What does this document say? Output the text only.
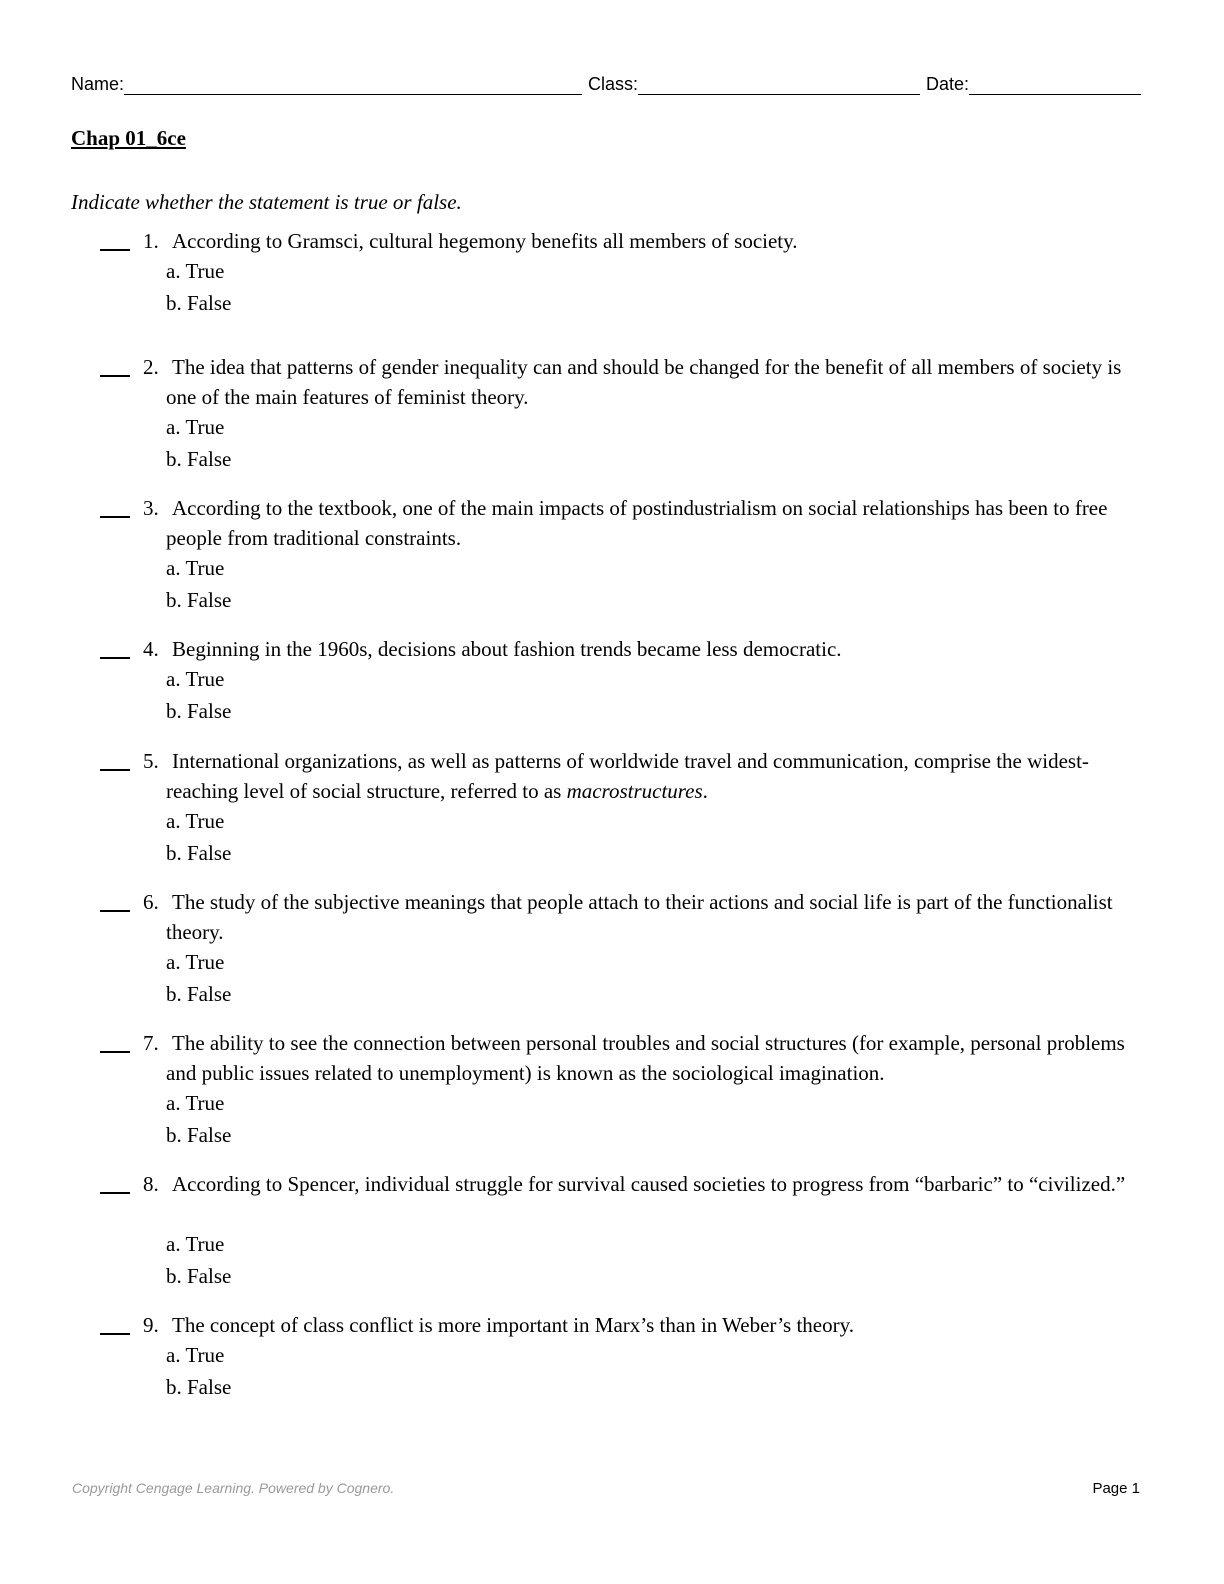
Name:	Class:	Date:
Chap 01_6ce
Indicate whether the statement is true or false.
1. According to Gramsci, cultural hegemony benefits all members of society.
a. True
b. False
2. The idea that patterns of gender inequality can and should be changed for the benefit of all members of society is one of the main features of feminist theory.
a. True
b. False
3. According to the textbook, one of the main impacts of postindustrialism on social relationships has been to free people from traditional constraints.
a. True
b. False
4. Beginning in the 1960s, decisions about fashion trends became less democratic.
a. True
b. False
5. International organizations, as well as patterns of worldwide travel and communication, comprise the widest-reaching level of social structure, referred to as macrostructures.
a. True
b. False
6. The study of the subjective meanings that people attach to their actions and social life is part of the functionalist theory.
a. True
b. False
7. The ability to see the connection between personal troubles and social structures (for example, personal problems and public issues related to unemployment) is known as the sociological imagination.
a. True
b. False
8. According to Spencer, individual struggle for survival caused societies to progress from “barbaric” to “civilized.”
a. True
b. False
9. The concept of class conflict is more important in Marx’s than in Weber’s theory.
a. True
b. False
Copyright Cengage Learning. Powered by Cognero.	Page 1
